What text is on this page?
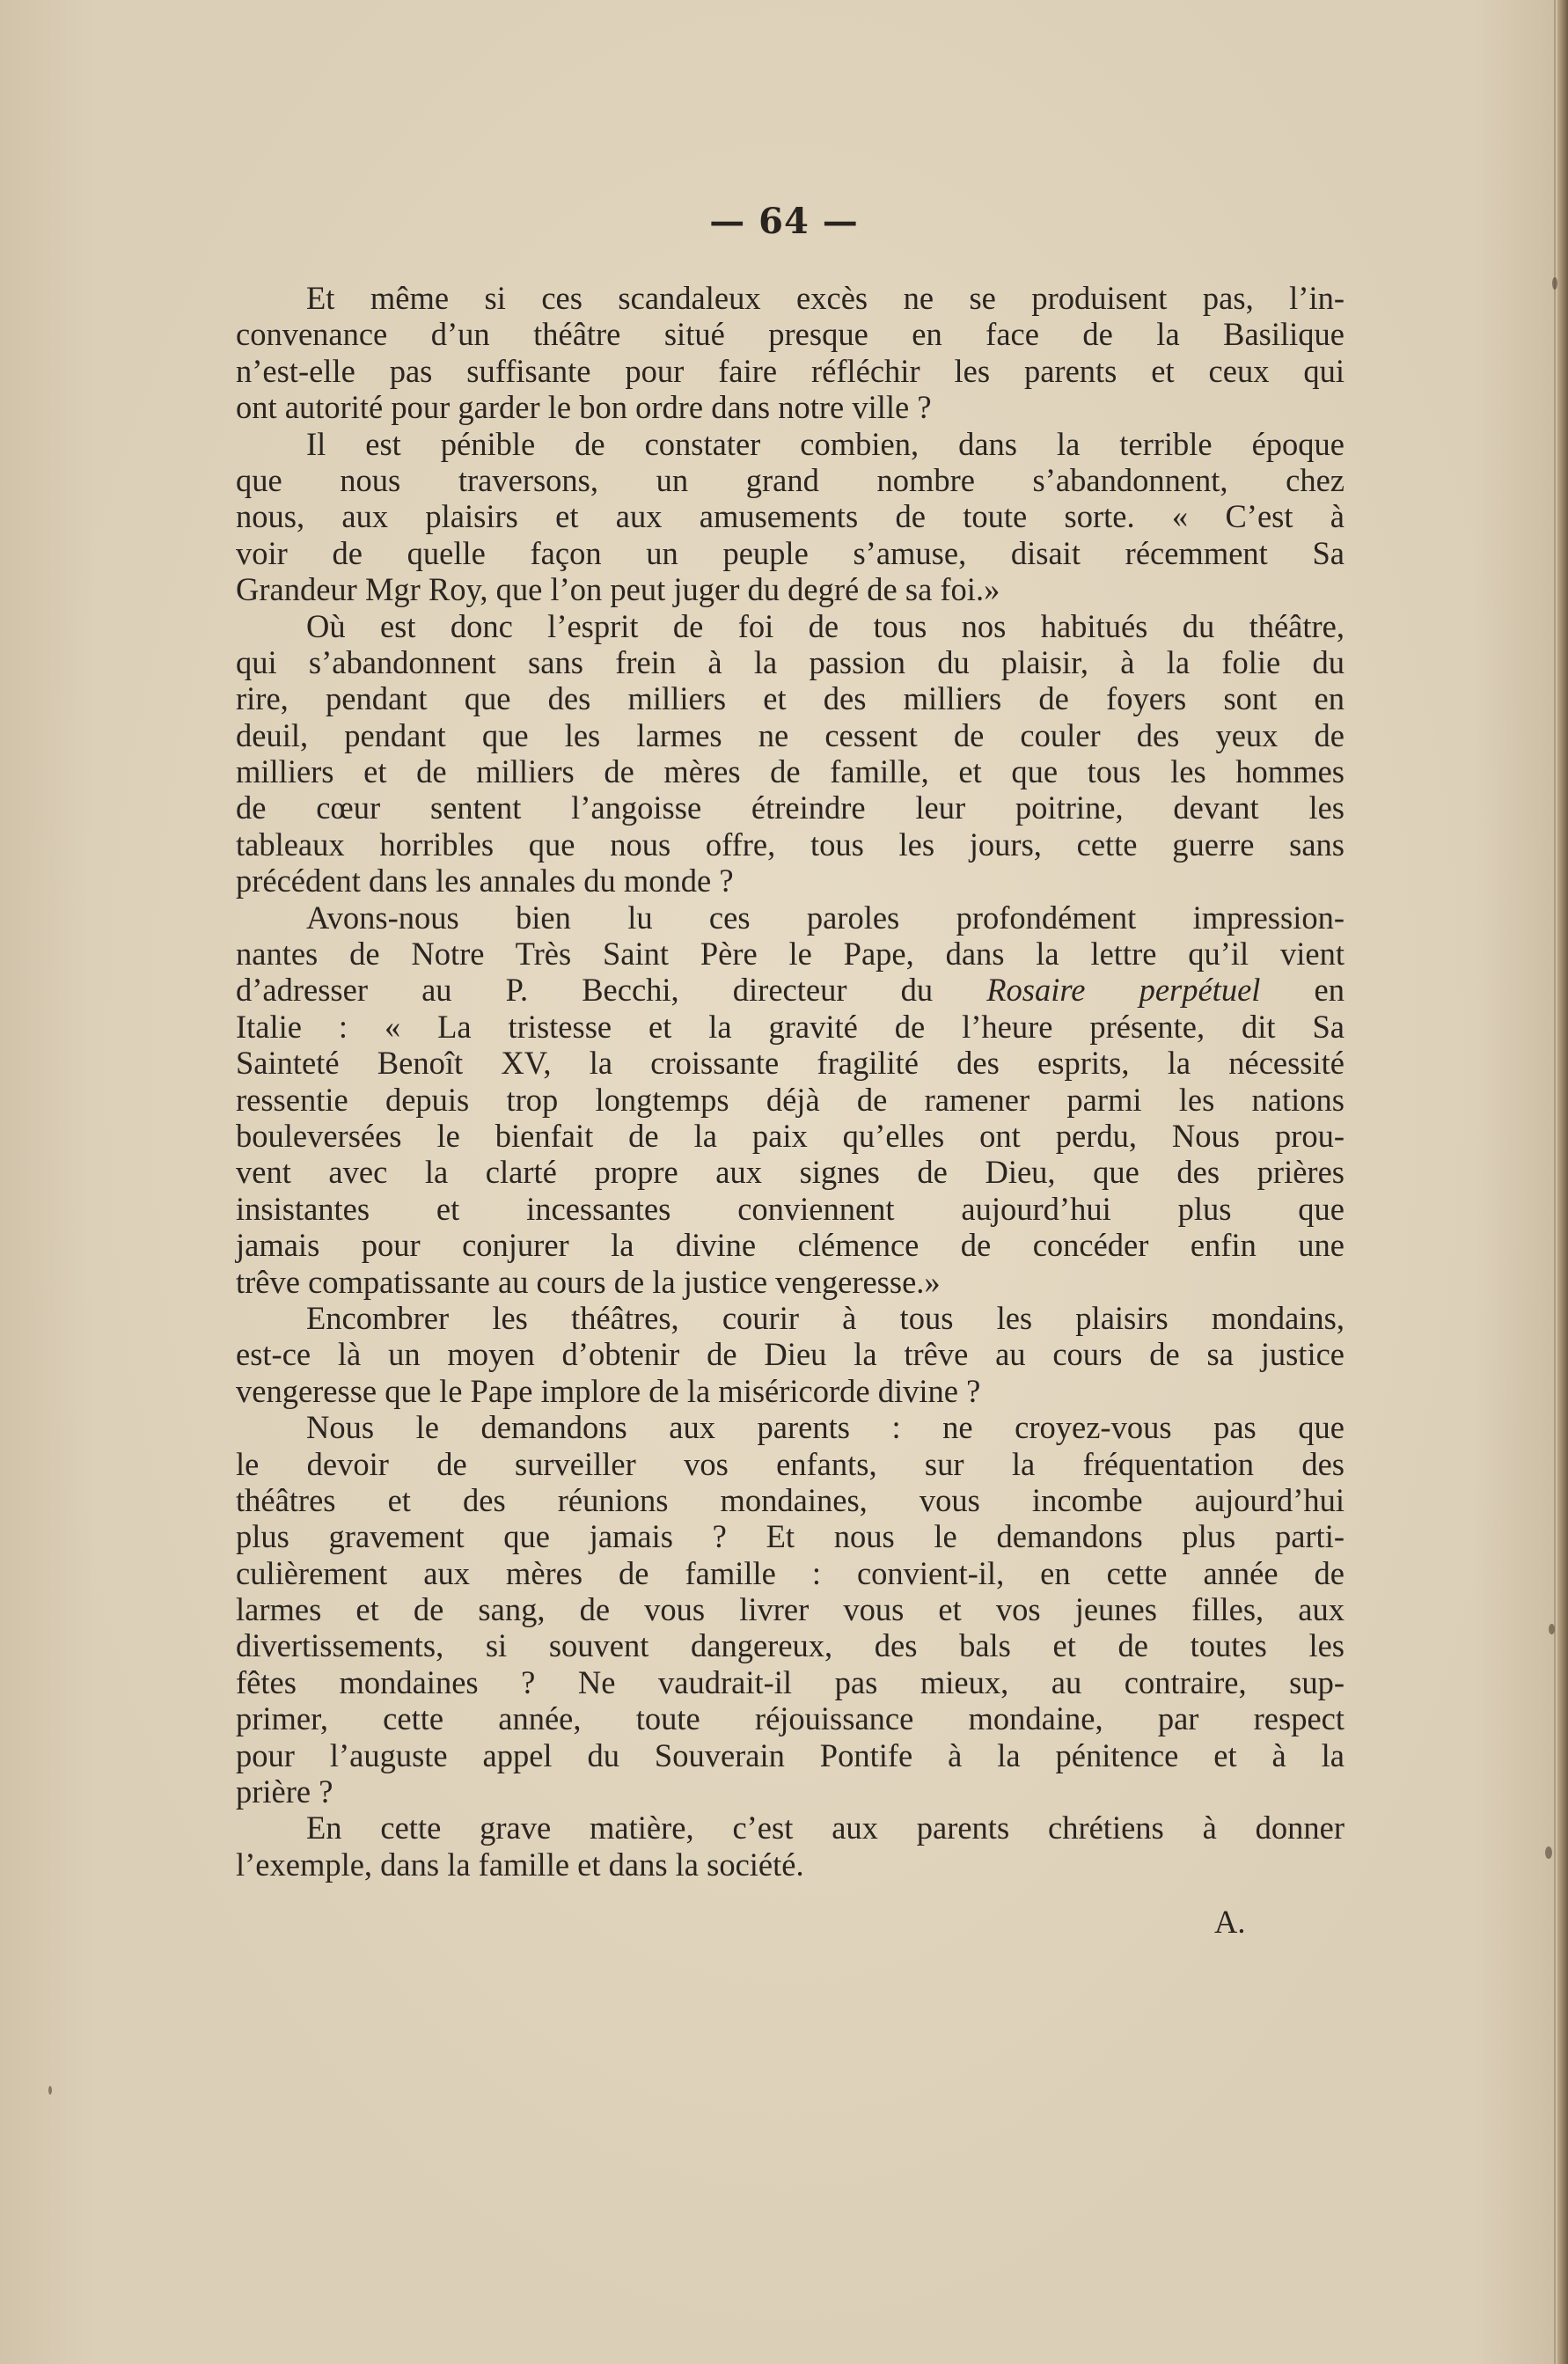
— 64 —
Et même si ces scandaleux excès ne se produisent pas, l’in-
convenance d’un théâtre situé presque en face de la Basilique
n’est-elle pas suffisante pour faire réfléchir les parents et ceux qui
ont autorité pour garder le bon ordre dans notre ville ?
Il est pénible de constater combien, dans la terrible époque
que nous traversons, un grand nombre s’abandonnent, chez
nous, aux plaisirs et aux amusements de toute sorte. « C’est à
voir de quelle façon un peuple s’amuse, disait récemment Sa
Grandeur Mgr Roy, que l’on peut juger du degré de sa foi.»
Où est donc l’esprit de foi de tous nos habitués du théâtre,
qui s’abandonnent sans frein à la passion du plaisir, à la folie du
rire, pendant que des milliers et des milliers de foyers sont en
deuil, pendant que les larmes ne cessent de couler des yeux de
milliers et de milliers de mères de famille, et que tous les hommes
de cœur sentent l’angoisse étreindre leur poitrine, devant les
tableaux horribles que nous offre, tous les jours, cette guerre sans
précédent dans les annales du monde ?
Avons-nous bien lu ces paroles profondément impression-
nantes de Notre Très Saint Père le Pape, dans la lettre qu’il vient
d’adresser au P. Becchi, directeur du Rosaire perpétuel en
Italie : « La tristesse et la gravité de l’heure présente, dit Sa
Sainteté Benoît XV, la croissante fragilité des esprits, la nécessité
ressentie depuis trop longtemps déjà de ramener parmi les nations
bouleversées le bienfait de la paix qu’elles ont perdu, Nous prou-
vent avec la clarté propre aux signes de Dieu, que des prières
insistantes et incessantes conviennent aujourd’hui plus que
jamais pour conjurer la divine clémence de concéder enfin une
trêve compatissante au cours de la justice vengeresse.»
Encombrer les théâtres, courir à tous les plaisirs mondains,
est-ce là un moyen d’obtenir de Dieu la trêve au cours de sa justice
vengeresse que le Pape implore de la miséricorde divine ?
Nous le demandons aux parents : ne croyez-vous pas que
le devoir de surveiller vos enfants, sur la fréquentation des
théâtres et des réunions mondaines, vous incombe aujourd’hui
plus gravement que jamais ? Et nous le demandons plus parti-
culièrement aux mères de famille : convient-il, en cette année de
larmes et de sang, de vous livrer vous et vos jeunes filles, aux
divertissements, si souvent dangereux, des bals et de toutes les
fêtes mondaines ? Ne vaudrait-il pas mieux, au contraire, sup-
primer, cette année, toute réjouissance mondaine, par respect
pour l’auguste appel du Souverain Pontife à la pénitence et à la
prière ?
En cette grave matière, c’est aux parents chrétiens à donner
l’exemple, dans la famille et dans la société.
A.
